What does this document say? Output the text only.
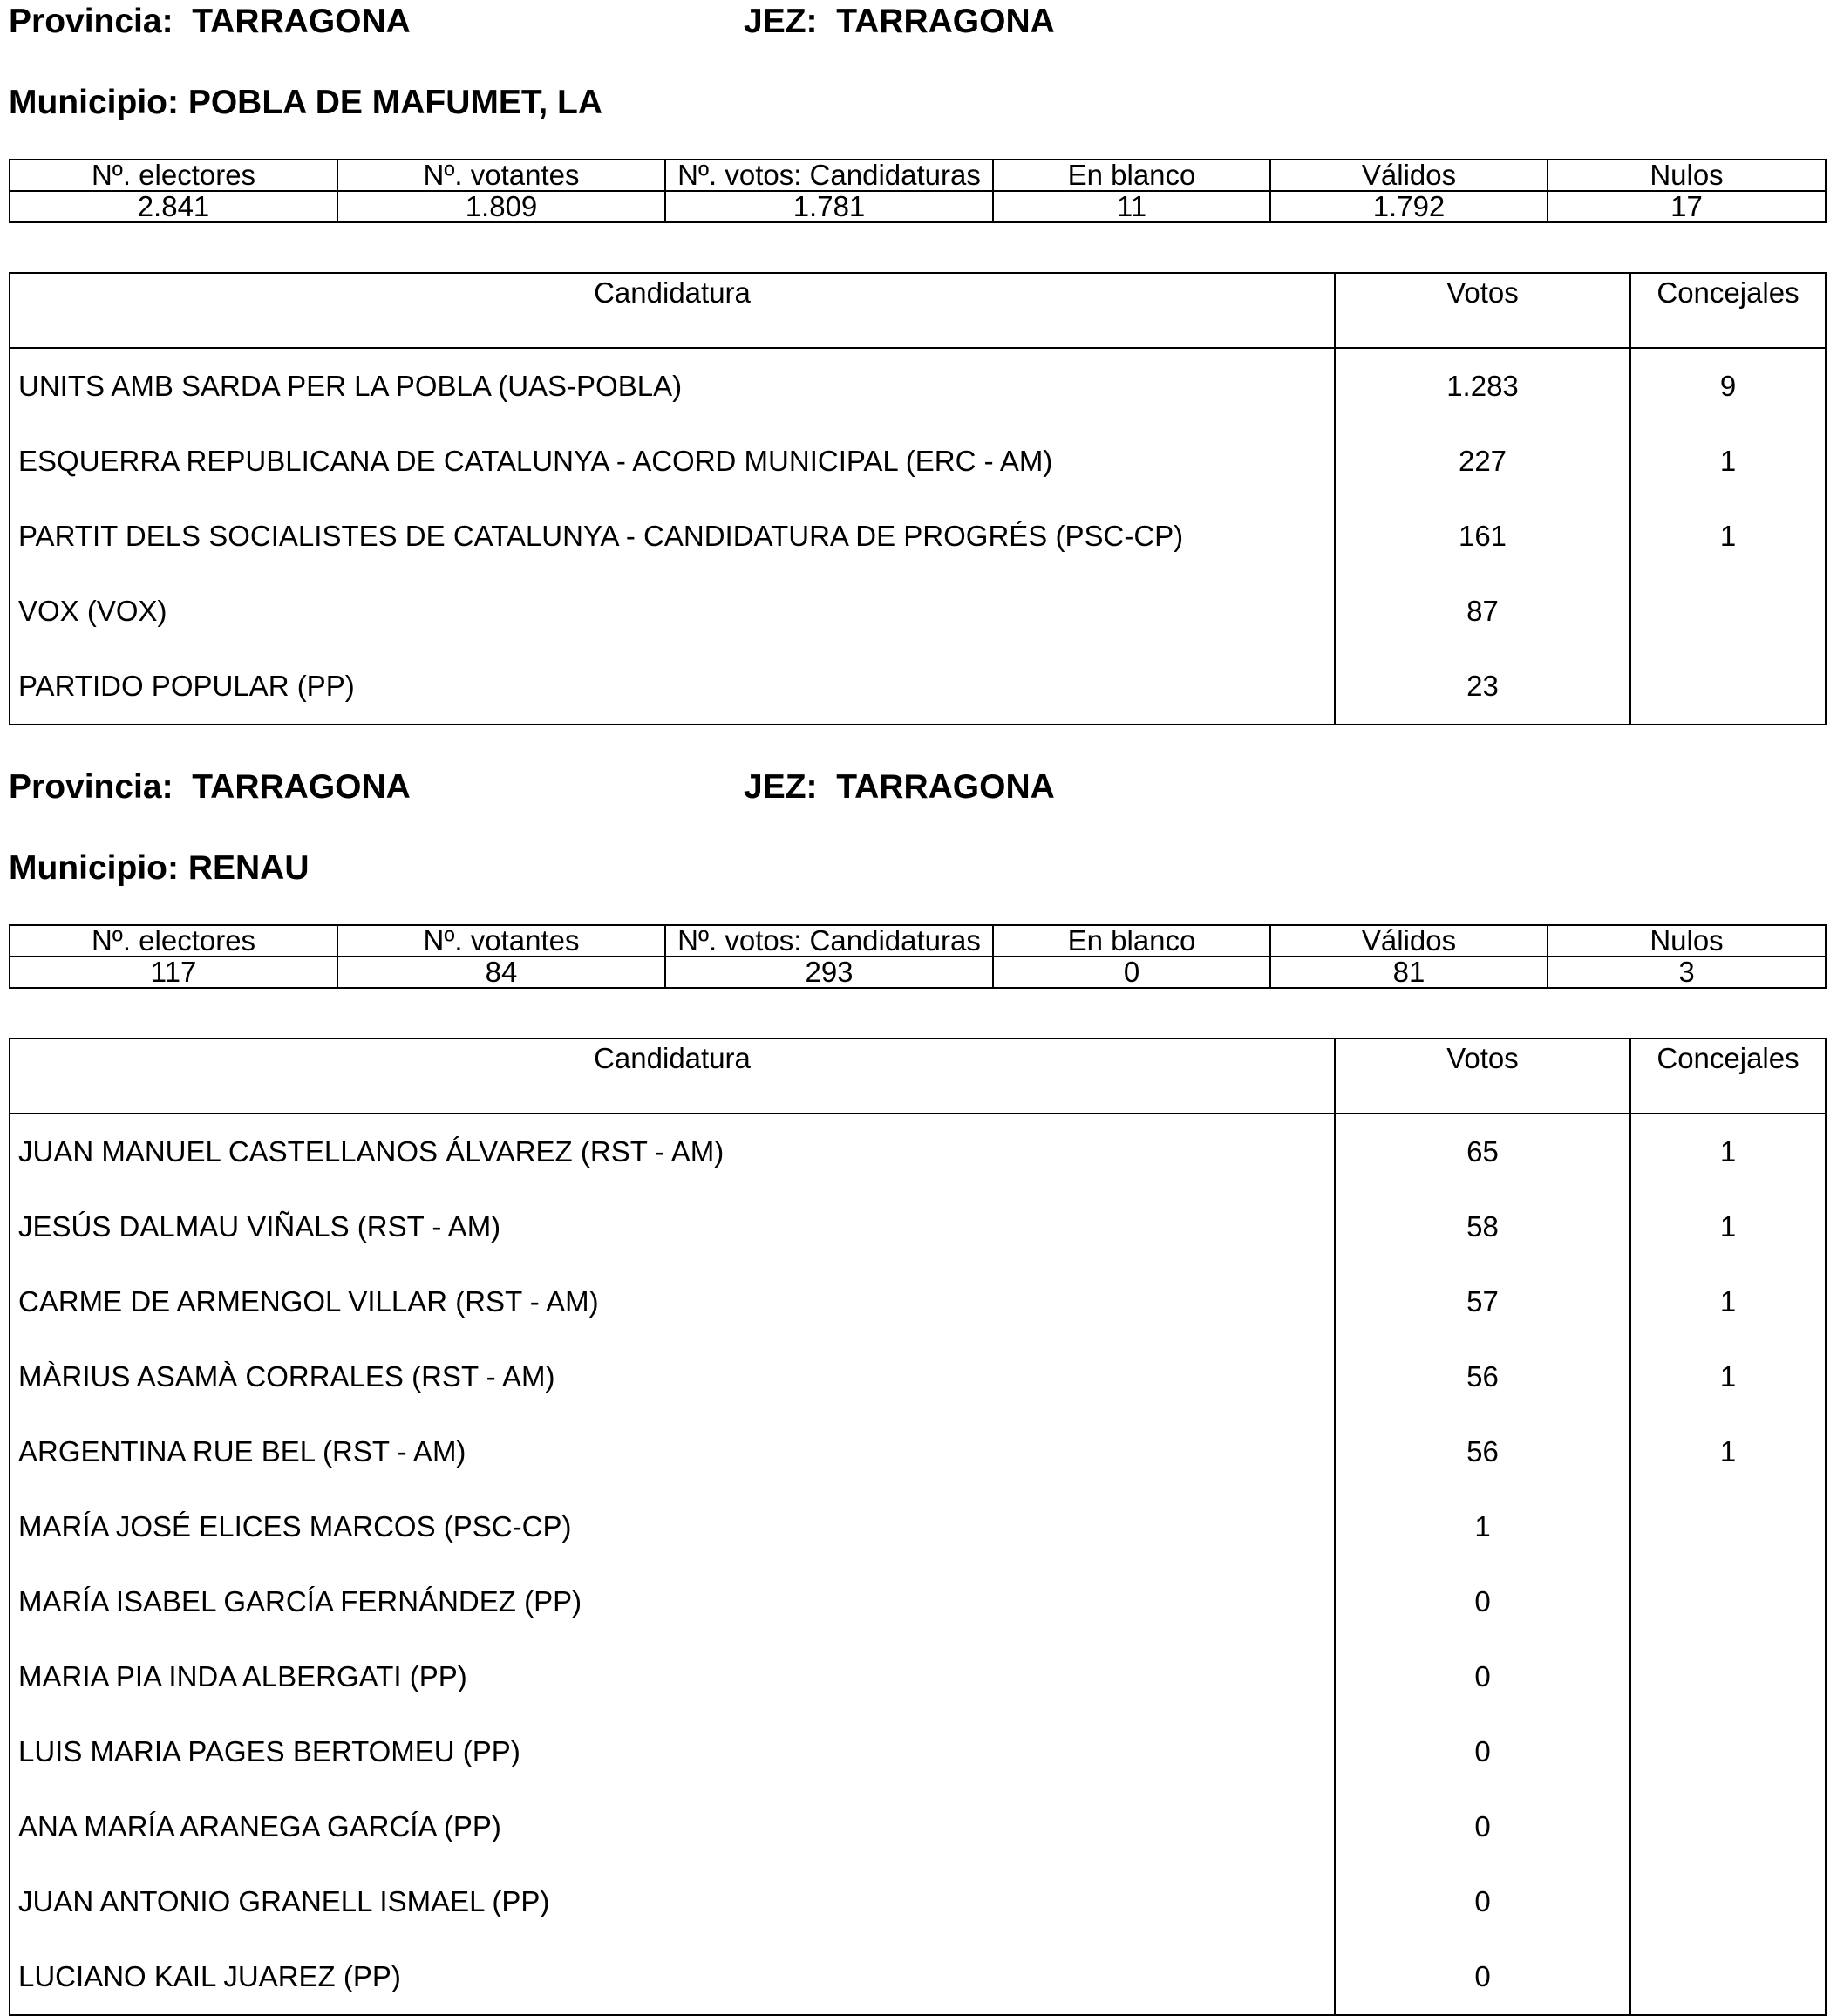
Provincia: TARRAGONA	JEZ: TARRAGONA
Municipio: POBLA DE MAFUMET, LA
Nº. electores	Nº. votantes	Nº. votos: Candidaturas	En blanco	Válidos	Nulos
2.841	1.809	1.781	11	1.792	17
Candidatura	Votos	Concejales
UNITS AMB SARDA PER LA POBLA (UAS-POBLA)	1.283	9
ESQUERRA REPUBLICANA DE CATALUNYA - ACORD MUNICIPAL (ERC - AM)	227	1
PARTIT DELS SOCIALISTES DE CATALUNYA - CANDIDATURA DE PROGRÉS (PSC-CP)	161	1
VOX (VOX)	87	
PARTIDO POPULAR (PP)	23	
Provincia: TARRAGONA	JEZ: TARRAGONA
Municipio: RENAU
Nº. electores	Nº. votantes	Nº. votos: Candidaturas	En blanco	Válidos	Nulos
117	84	293	0	81	3
Candidatura	Votos	Concejales
JUAN MANUEL CASTELLANOS ÁLVAREZ (RST - AM)	65	1
JESÚS DALMAU VIÑALS (RST - AM)	58	1
CARME DE ARMENGOL VILLAR (RST - AM)	57	1
MÀRIUS ASAMÀ CORRALES (RST - AM)	56	1
ARGENTINA RUE BEL (RST - AM)	56	1
MARÍA JOSÉ ELICES MARCOS (PSC-CP)	1	
MARÍA ISABEL GARCÍA FERNÁNDEZ (PP)	0	
MARIA PIA INDA ALBERGATI (PP)	0	
LUIS MARIA PAGES BERTOMEU (PP)	0	
ANA MARÍA ARANEGA GARCÍA (PP)	0	
JUAN ANTONIO GRANELL ISMAEL (PP)	0	
LUCIANO KAIL JUAREZ (PP)	0	
